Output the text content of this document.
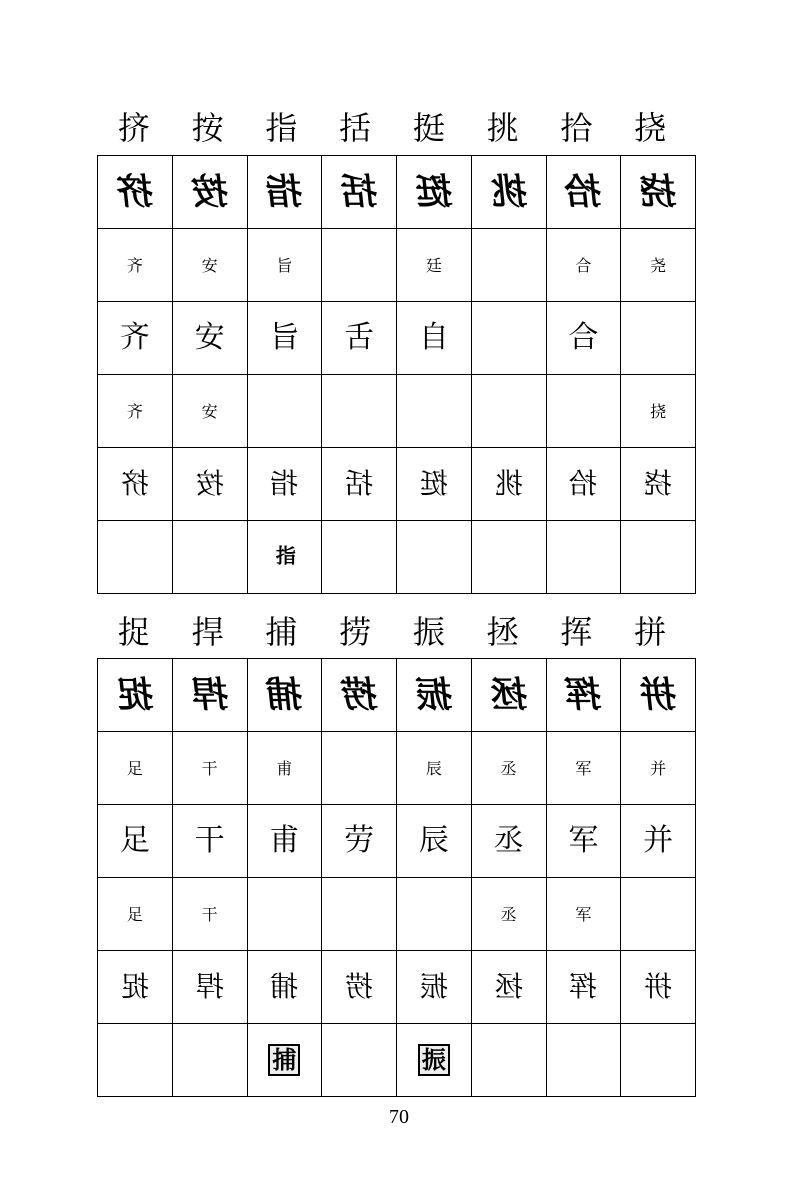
挤	按	指	括	挺	挑	拾	挠
挤	按	指	括	挺	挑	拾	挠
齐	安	旨		廷		合	尧
齐	安	旨	舌	自		合	
齐	安						挠
挤	按	指	括	挺	挑	拾	挠
		指					
捉	捍	捕	捞	振	拯	挥	拼
捉	捍	捕	捞	振	拯	挥	拼
足	干	甫		辰	丞	军	并
足	干	甫	劳	辰	丞	军	并
足	干				丞	军	
捉	捍	捕	捞	振	拯	挥	拼
		捕		振			
70
